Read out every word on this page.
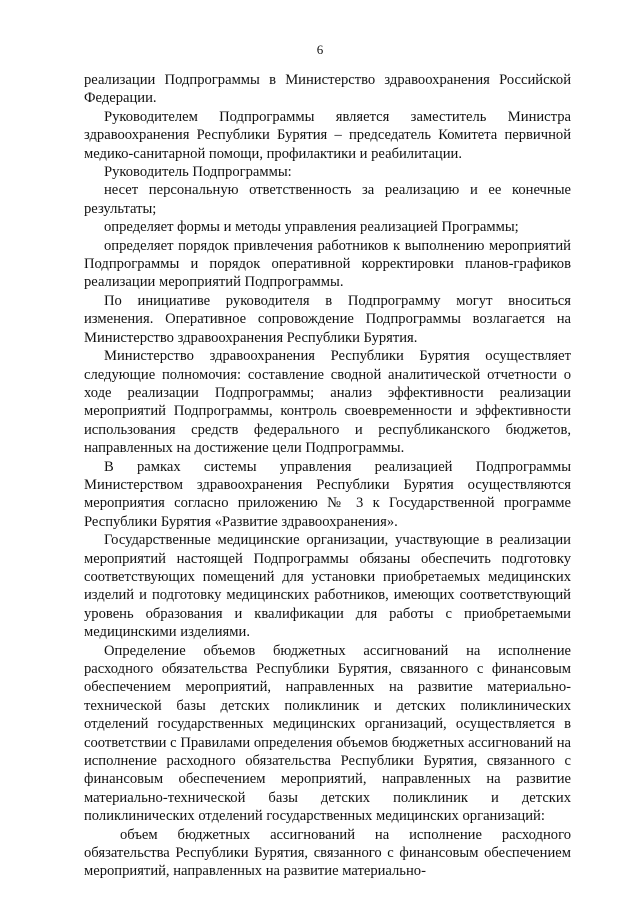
6

реализации Подпрограммы в Министерство здравоохранения Российской Федерации.

Руководителем Подпрограммы является заместитель Министра здравоохранения Республики Бурятия – председатель Комитета первичной медико-санитарной помощи, профилактики и реабилитации.

Руководитель Подпрограммы:

несет персональную ответственность за реализацию и ее конечные результаты;

определяет формы и методы управления реализацией Программы;

определяет порядок привлечения работников к выполнению мероприятий Подпрограммы и порядок оперативной корректировки планов-графиков реализации мероприятий Подпрограммы.

По инициативе руководителя в Подпрограмму могут вноситься изменения. Оперативное сопровождение Подпрограммы возлагается на Министерство здравоохранения Республики Бурятия.

Министерство здравоохранения Республики Бурятия осуществляет следующие полномочия: составление сводной аналитической отчетности о ходе реализации Подпрограммы; анализ эффективности реализации мероприятий Подпрограммы, контроль своевременности и эффективности использования средств федерального и республиканского бюджетов, направленных на достижение цели Подпрограммы.

В рамках системы управления реализацией Подпрограммы Министерством здравоохранения Республики Бурятия осуществляются мероприятия согласно приложению № 3 к Государственной программе Республики Бурятия «Развитие здравоохранения».

Государственные медицинские организации, участвующие в реализации мероприятий настоящей Подпрограммы обязаны обеспечить подготовку соответствующих помещений для установки приобретаемых медицинских изделий и подготовку медицинских работников, имеющих соответствующий уровень образования и квалификации для работы с приобретаемыми медицинскими изделиями.

Определение объемов бюджетных ассигнований на исполнение расходного обязательства Республики Бурятия, связанного с финансовым обеспечением мероприятий, направленных на развитие материально-технической базы детских поликлиник и детских поликлинических отделений государственных медицинских организаций, осуществляется в соответствии с Правилами определения объемов бюджетных ассигнований на исполнение расходного обязательства Республики Бурятия, связанного с финансовым обеспечением мероприятий, направленных на развитие материально-технической базы детских поликлиник и детских поликлинических отделений государственных медицинских организаций:

объем бюджетных ассигнований на исполнение расходного обязательства Республики Бурятия, связанного с финансовым обеспечением мероприятий, направленных на развитие материально-
